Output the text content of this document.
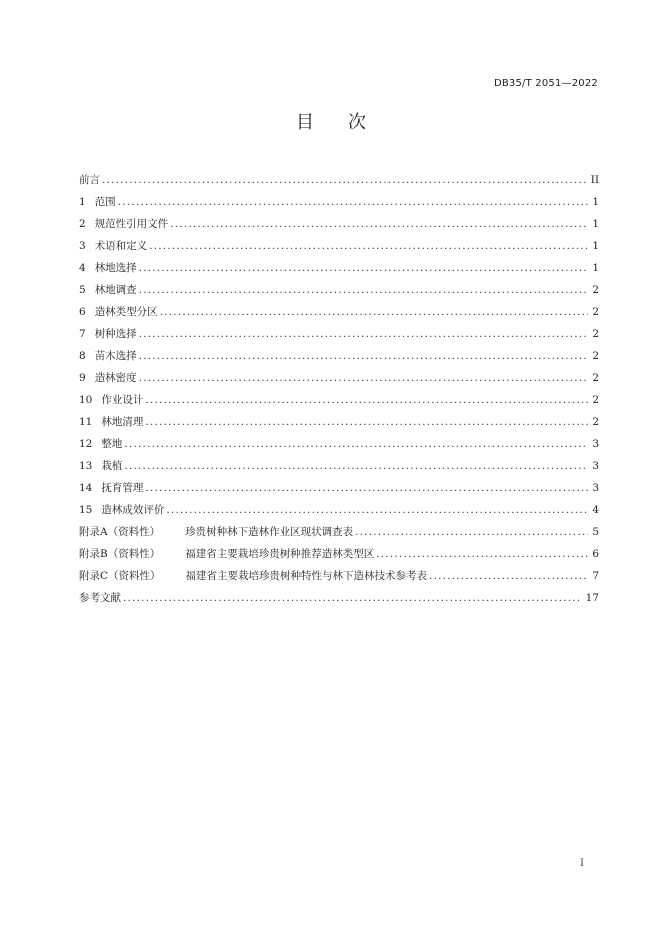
DB35/T 2051—2022
目 次
前言 .....	II
1 范围 .....	1
2 规范性引用文件 .....	1
3 术语和定义 .....	1
4 林地选择 .....	1
5 林地调查 .....	2
6 造林类型分区 .....	2
7 树种选择 .....	2
8 苗木选择 .....	2
9 造林密度 .....	2
10 作业设计 .....	2
11 林地清理 .....	2
12 整地 .....	3
13 栽植 .....	3
14 抚育管理 .....	3
15 造林成效评价 .....	4
附录A（资料性） 珍贵树种林下造林作业区现状调查表 .....	5
附录B（资料性） 福建省主要栽培珍贵树种推荐造林类型区 .....	6
附录C（资料性） 福建省主要栽培珍贵树种特性与林下造林技术参考表 .....	7
参考文献 .....	17
I
